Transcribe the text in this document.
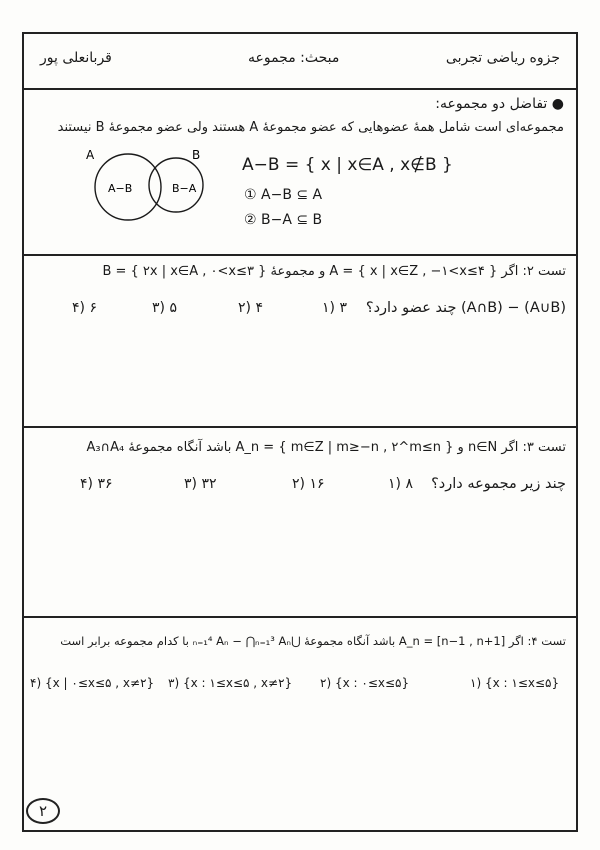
جزوه ریاضی تجربی
مبحث: مجموعه
قربانعلی پور
● تفاضل دو مجموعه:
مجموعه‌ای است شامل همهٔ عضوهایی که عضو مجموعهٔ A هستند ولی عضو مجموعهٔ B نیستند
A	B
A−B	B−A
A−B = { x | x∈A , x∉B }
① A−B ⊆ A
② B−A ⊆ B
تست ۲: اگر A = { x | x∈Z , −۱<x≤۴ } و مجموعهٔ B = { ۲x | x∈A , ۰<x≤۳ }
(A∪B) − (A∩B) چند عضو دارد؟
۳ (۱
۴ (۲
۵ (۳
۶ (۴
تست ۳: اگر n∈N و A_n = { m∈Z | m≥−n , ۲^m≤n } باشد آنگاه مجموعهٔ A₃∩A₄
چند زیر مجموعه دارد؟
۸ (۱
۱۶ (۲
۳۲ (۳
۳۶ (۴
تست ۴: اگر A_n = [n−1 , n+1] باشد آنگاه مجموعهٔ ⋃ₙ₌₁⁴ Aₙ − ⋂ₙ₌₁³ Aₙ با کدام مجموعه برابر است
{x : ۱≤x≤۵} (۱
{x : ۰≤x≤۵} (۲
{x : ۱≤x≤۵ , x≠۲} (۳
{x | ۰≤x≤۵ , x≠۲} (۴
۲
